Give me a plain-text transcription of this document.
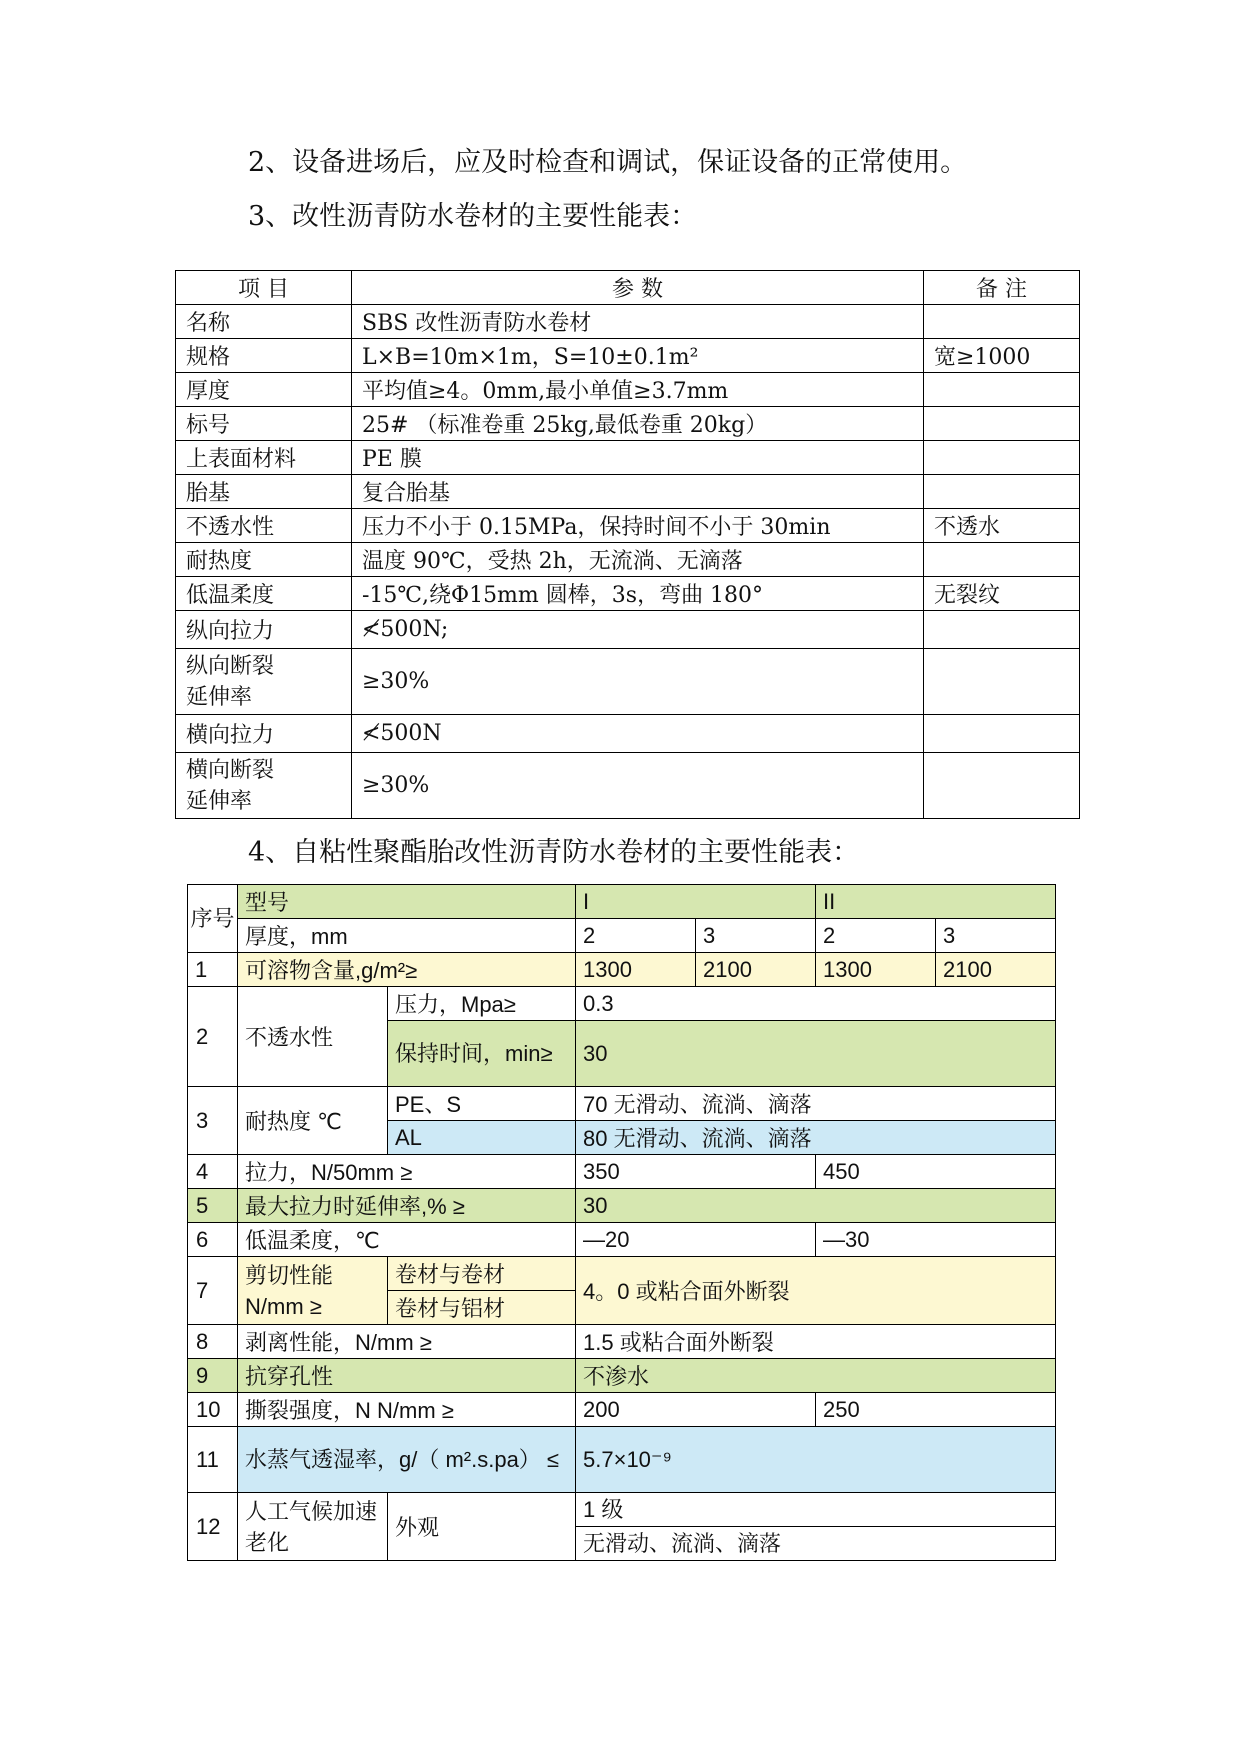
2、设备进场后，应及时检查和调试，保证设备的正常使用。
3、改性沥青防水卷材的主要性能表：
项 目	参 数	备 注
名称	SBS 改性沥青防水卷材	
规格	L×B=10m×1m，S=10±0.1m²	宽≥1000
厚度	平均值≥4。0mm,最小单值≥3.7mm	
标号	25# （标准卷重 25kg,最低卷重 20kg）	
上表面材料	PE 膜	
胎基	复合胎基	
不透水性	压力不小于 0.15MPa，保持时间不小于 30min	不透水
耐热度	温度 90℃，受热 2h，无流淌、无滴落	
低温柔度	-15℃,绕Φ15mm 圆棒，3s，弯曲 180°	无裂纹
纵向拉力	≮500N;	
纵向断裂
延伸率	≥30%	
横向拉力	≮500N	
横向断裂
延伸率	≥30%	
4、自粘性聚酯胎改性沥青防水卷材的主要性能表：
序号	型号		I		II	
	厚度，mm		2	3	2	3
1	可溶物含量,g/m²≥		1300	2100	1300	2100
2	不透水性	压力，Mpa≥	0.3			
		保持时间，min≥	30			
3	耐热度 ℃	PE、S	70 无滑动、流淌、滴落			
		AL	80 无滑动、流淌、滴落			
4	拉力，N/50mm ≥		350		450	
5	最大拉力时延伸率,% ≥		30			
6	低温柔度，℃		—20		—30	
7	剪切性能 N/mm ≥	卷材与卷材	4。0 或粘合面外断裂			
		卷材与铝材				
8	剥离性能，N/mm ≥		1.5 或粘合面外断裂			
9	抗穿孔性		不渗水			
10	撕裂强度，N N/mm ≥		200		250	
11	水蒸气透湿率，g/（ m².s.pa） ≤		5.7×10⁻⁹			
12	人工气候加速老化	外观	1 级
无滑动、流淌、滴落			
